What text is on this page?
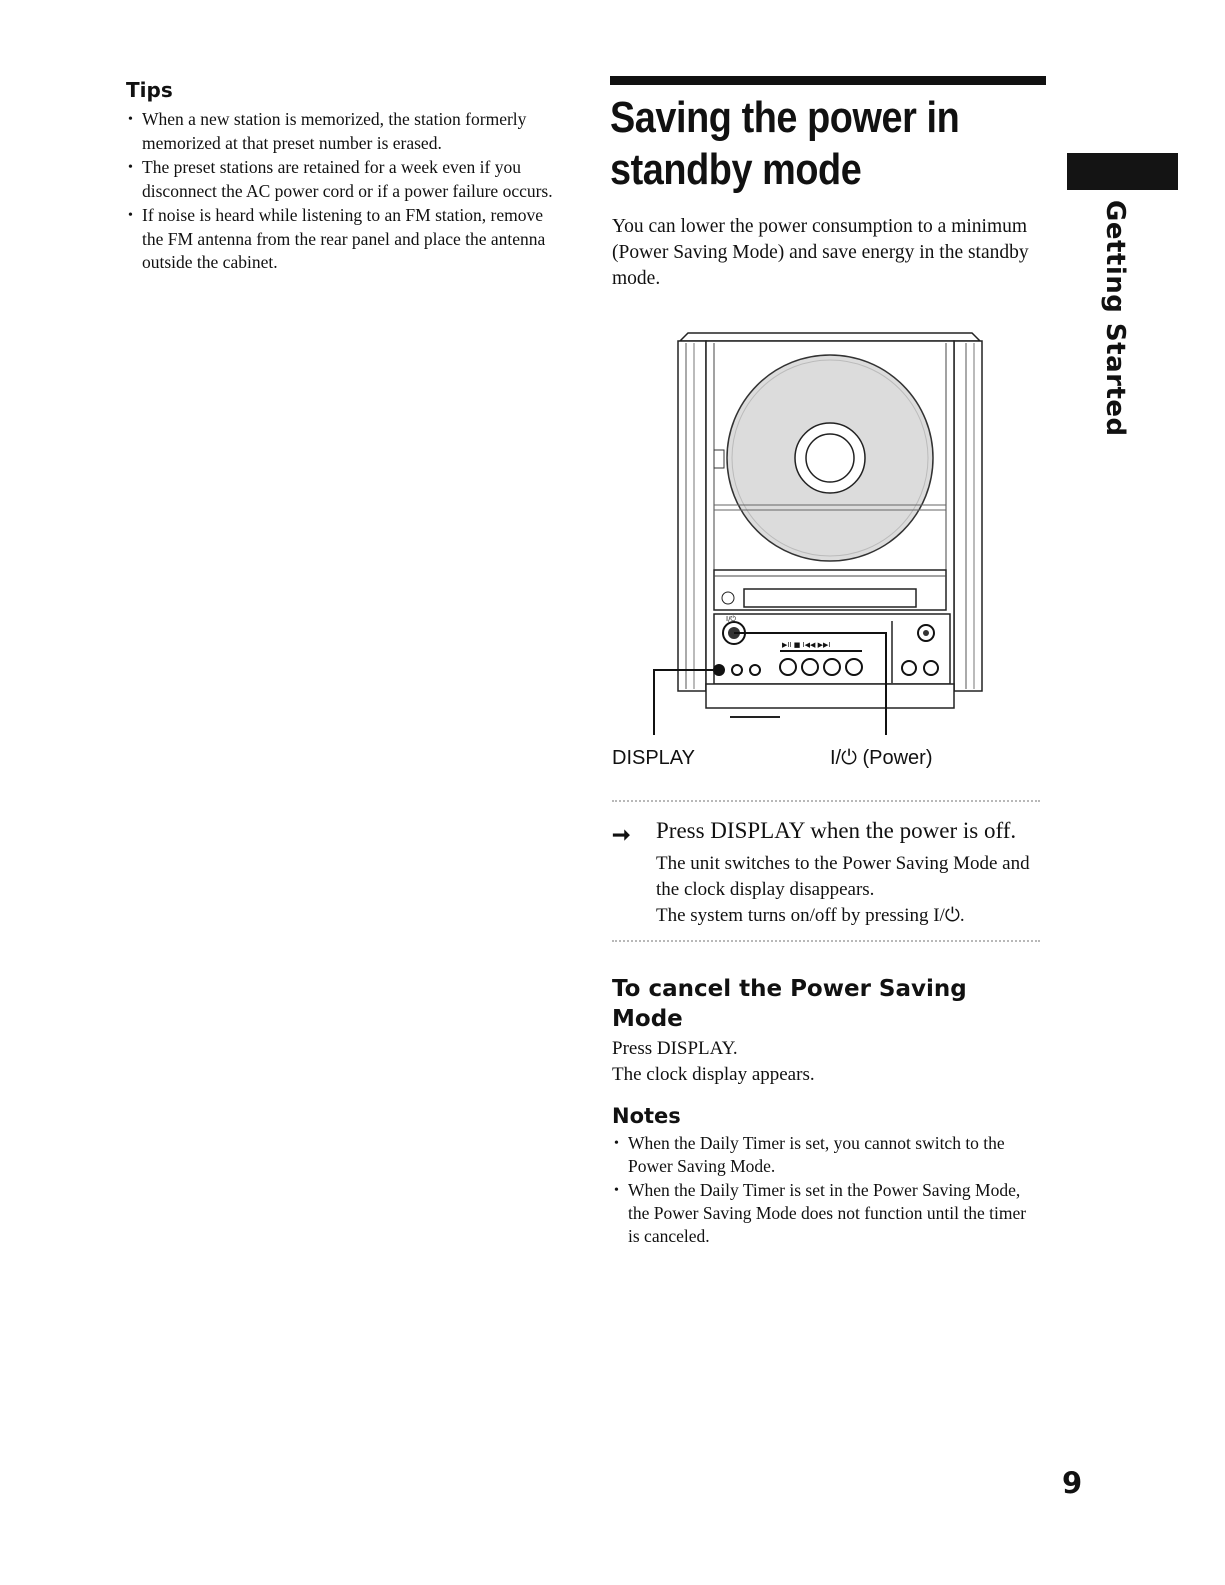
Tips
• When a new station is memorized, the station formerly memorized at that preset number is erased.
• The preset stations are retained for a week even if you disconnect the AC power cord or if a power failure occurs.
• If noise is heard while listening to an FM station, remove the FM antenna from the rear panel and place the antenna outside the cabinet.
Saving the power in standby mode

You can lower the power consumption to a minimum (Power Saving Mode) and save energy in the standby mode.	Getting Started
I/⏻
▶II ■ I◀◀ ▶▶I
DISPLAY	I/⏻ (Power)
➞ Press DISPLAY when the power is off.

The unit switches to the Power Saving Mode and the clock display disappears.

The system turns on/off by pressing I/⏻.

To cancel the Power Saving Mode

Press DISPLAY.

The clock display appears.

Notes
• When the Daily Timer is set, you cannot switch to the Power Saving Mode.
• When the Daily Timer is set in the Power Saving Mode, the Power Saving Mode does not function until the timer is canceled.
9
